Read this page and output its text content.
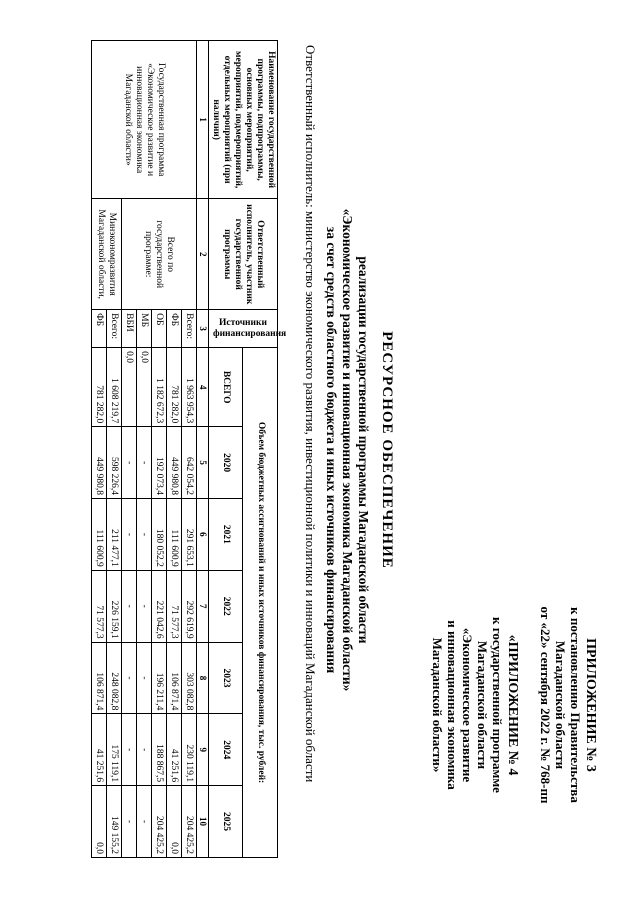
ПРИЛОЖЕНИЕ № 3
к постановлению Правительства
Магаданской области
от «22» сентября 2022 г. № 768-пп
«ПРИЛОЖЕНИЕ № 4
к государственной программе
Магаданской области
«Экономическое развитие
и инновационная экономика
Магаданской области»
РЕСУРСНОЕ ОБЕСПЕЧЕНИЕ
реализации государственной программы Магаданской области
«Экономическое развитие и инновационная экономика Магаданской области»
за счет средств областного бюджета и иных источников финансирования
Ответственный исполнитель: министерство экономического развития, инвестиционной политики и инноваций Магаданской области
Наименование государственной программы, подпрограммы, основных мероприятий, мероприятий, подмероприятий, отдельных мероприятий (при наличии)	Ответственный исполнитель, участник государственной программы	Источники финансирования	Объем бюджетных ассигнований и иных источников финансирования, тыс. рублей:						
			ВСЕГО	2020	2021	2022	2023	2024	2025
1	2	3	4	5	6	7	8	9	10
Государственная программа «Экономическое развитие и инновационная экономика Магаданской области»	Всего по государственной программе:	Всего:	1 963 954,3	642 054,2	291 653,1	292 619,9	303 082,8	230 119,1	204 425,2
		ФБ	781 282,0	449 980,8	111 600,9	71 577,3	106 871,4	41 251,6	0,0
		ОБ	1 182 672,3	192 073,4	180 052,2	221 042,6	196 211,4	188 867,5	204 425,2
		МБ	0,0	-	-	-	-	-	-
		ВБИ	0,0	-	-	-	-	-	-
	Минэкономразвития Магаданской области,	Всего:	1 608 219,7	598 226,4	211 477,1	226 159,1	248 082,8	175 119,1	149 155,2
		ФБ	781 282,0	449 980,8	111 600,9	71 577,3	106 871,4	41 251,6	0,0
